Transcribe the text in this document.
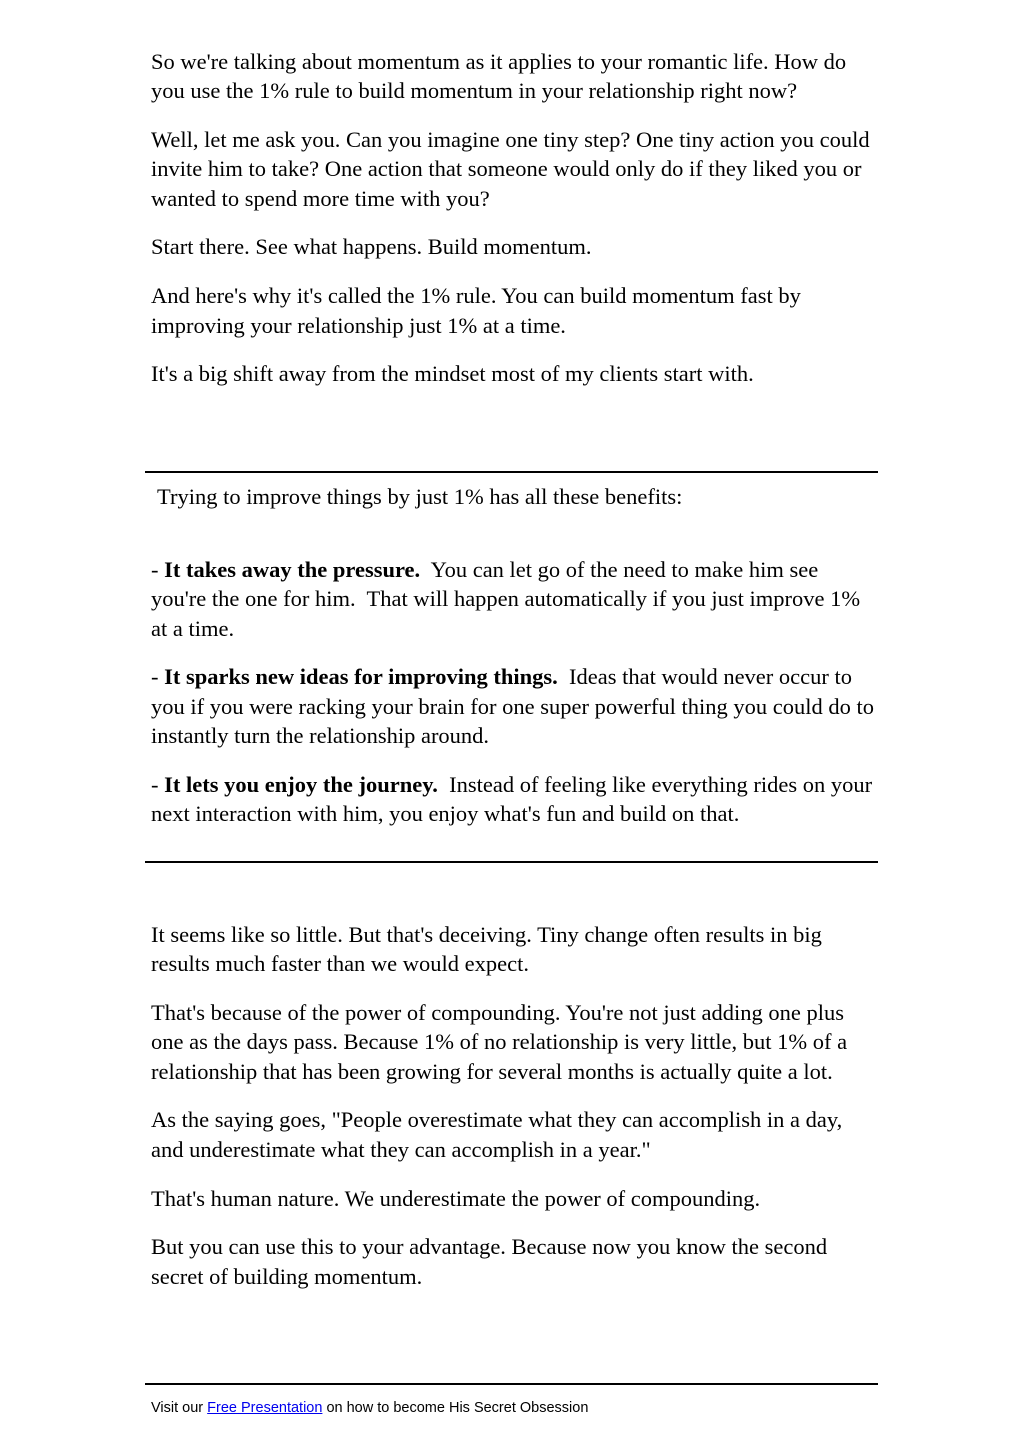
So we're talking about momentum as it applies to your romantic life. How do you use the 1% rule to build momentum in your relationship right now?

Well, let me ask you. Can you imagine one tiny step? One tiny action you could invite him to take? One action that someone would only do if they liked you or wanted to spend more time with you?

Start there. See what happens. Build momentum.

And here's why it's called the 1% rule. You can build momentum fast by improving your relationship just 1% at a time.

It's a big shift away from the mindset most of my clients start with.

Trying to improve things by just 1% has all these benefits:

- It takes away the pressure.  You can let go of the need to make him see you're the one for him.  That will happen automatically if you just improve 1% at a time.

- It sparks new ideas for improving things.  Ideas that would never occur to you if you were racking your brain for one super powerful thing you could do to instantly turn the relationship around.

- It lets you enjoy the journey.  Instead of feeling like everything rides on your next interaction with him, you enjoy what's fun and build on that.

It seems like so little. But that's deceiving. Tiny change often results in big results much faster than we would expect.

That's because of the power of compounding. You're not just adding one plus one as the days pass. Because 1% of no relationship is very little, but 1% of a relationship that has been growing for several months is actually quite a lot.

As the saying goes, "People overestimate what they can accomplish in a day, and underestimate what they can accomplish in a year."

That's human nature. We underestimate the power of compounding.

But you can use this to your advantage. Because now you know the second secret of building momentum.

Visit our Free Presentation on how to become His Secret Obsession
